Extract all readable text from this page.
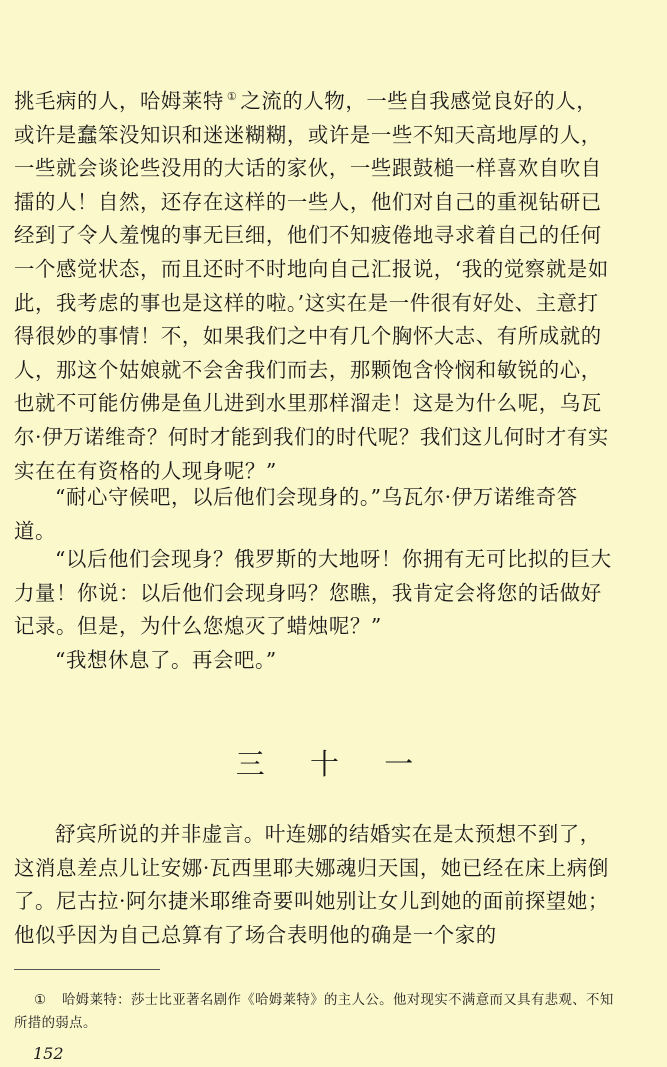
挑毛病的人，哈姆莱特 ① 之流的人物，一些自我感觉良好的人，或许是蠢笨没知识和迷迷糊糊，或许是一些不知天高地厚的人，一些就会谈论些没用的大话的家伙，一些跟鼓槌一样喜欢自吹自擂的人！自然，还存在这样的一些人，他们对自己的重视钻研已经到了令人羞愧的事无巨细，他们不知疲倦地寻求着自己的任何一个感觉状态，而且还时不时地向自己汇报说，‘我的觉察就是如此，我考虑的事也是这样的啦。’这实在是一件很有好处、主意打得很妙的事情！不，如果我们之中有几个胸怀大志、有所成就的人，那这个姑娘就不会舍我们而去，那颗饱含怜悯和敏锐的心，也就不可能仿佛是鱼儿进到水里那样溜走！这是为什么呢，乌瓦尔·伊万诺维奇？何时才能到我们的时代呢？我们这儿何时才有实实在在有资格的人现身呢？”

“耐心守候吧，以后他们会现身的。”乌瓦尔·伊万诺维奇答道。

“以后他们会现身？俄罗斯的大地呀！你拥有无可比拟的巨大力量！你说：以后他们会现身吗？您瞧，我肯定会将您的话做好记录。但是，为什么您熄灭了蜡烛呢？”

“我想休息了。再会吧。”

三 十 一

舒宾所说的并非虚言。叶连娜的结婚实在是太预想不到了，这消息差点儿让安娜·瓦西里耶夫娜魂归天国，她已经在床上病倒了。尼古拉·阿尔捷米耶维奇要叫她别让女儿到她的面前探望她；他似乎因为自己总算有了场合表明他的确是一个家的

① 哈姆莱特：莎士比亚著名剧作《哈姆莱特》的主人公。他对现实不满意而又具有悲观、不知所措的弱点。

152
